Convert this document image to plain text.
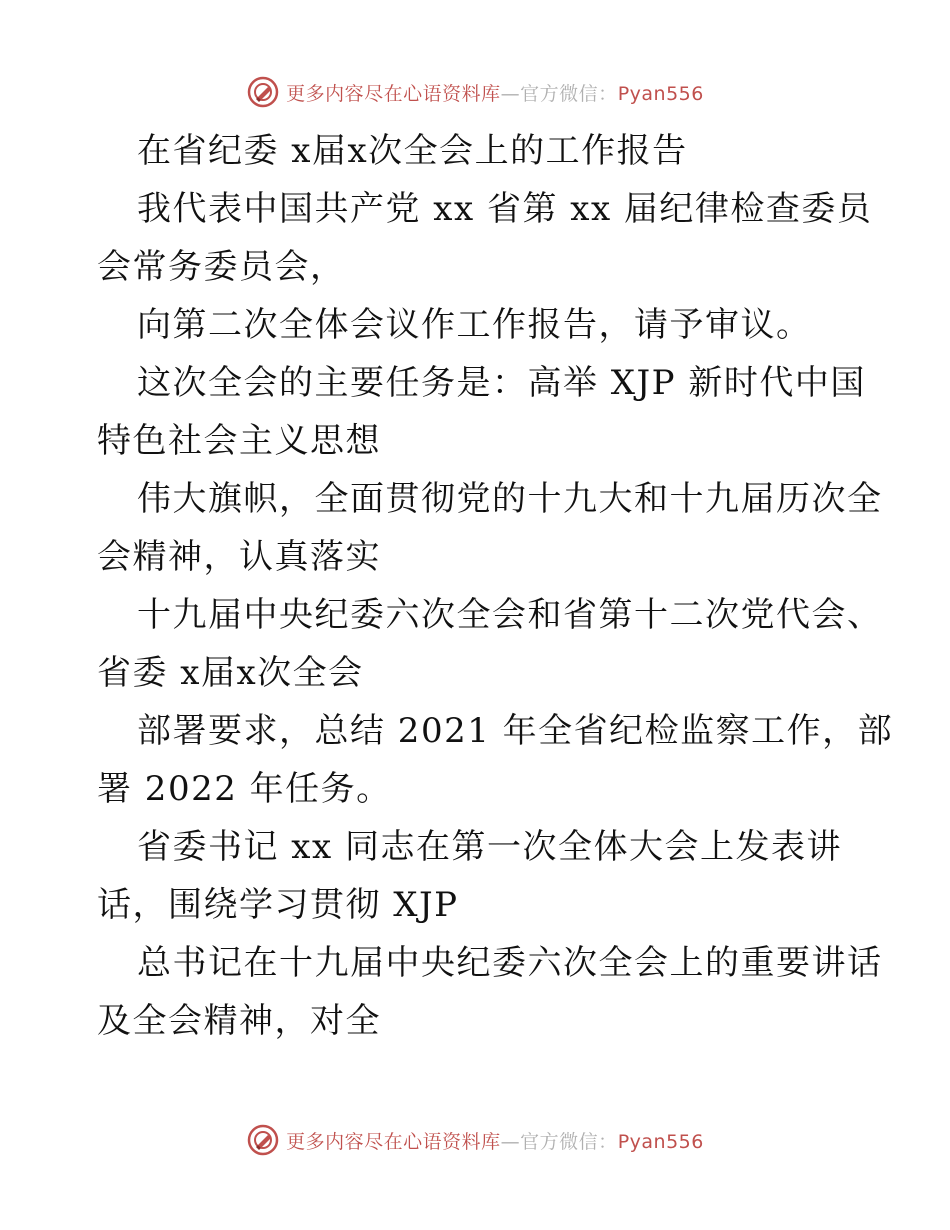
更多内容尽在心语资料库—官方微信：Pyan556

在省纪委 x届x次全会上的工作报告
我代表中国共产党 xx 省第 xx 届纪律检查委员
会常务委员会，
向第二次全体会议作工作报告，请予审议。
这次全会的主要任务是：高举 XJP 新时代中国
特色社会主义思想
伟大旗帜，全面贯彻党的十九大和十九届历次全
会精神，认真落实
十九届中央纪委六次全会和省第十二次党代会、
省委 x届x次全会
部署要求，总结 2021 年全省纪检监察工作，部
署 2022 年任务。
省委书记 xx 同志在第一次全体大会上发表讲
话，围绕学习贯彻 XJP
总书记在十九届中央纪委六次全会上的重要讲话
及全会精神，对全

更多内容尽在心语资料库—官方微信：Pyan556
